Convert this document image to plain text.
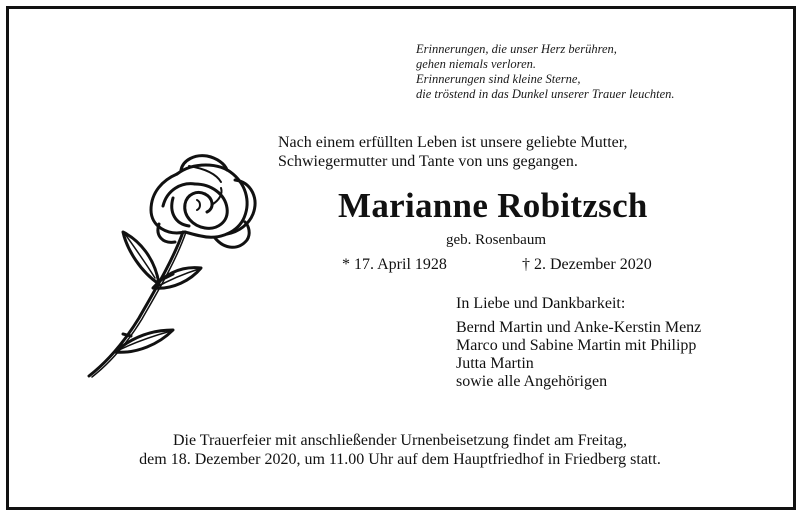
Erinnerungen, die unser Herz berühren,
gehen niemals verloren.
Erinnerungen sind kleine Sterne,
die tröstend in das Dunkel unserer Trauer leuchten.
Nach einem erfüllten Leben ist unsere geliebte Mutter,
Schwiegermutter und Tante von uns gegangen.
Marianne Robitzsch
geb. Rosenbaum
* 17. April 1928	† 2. Dezember 2020
In Liebe und Dankbarkeit:
Bernd Martin und Anke-Kerstin Menz
Marco und Sabine Martin mit Philipp
Jutta Martin
sowie alle Angehörigen
Die Trauerfeier mit anschließender Urnenbeisetzung findet am Freitag,
dem 18. Dezember 2020, um 11.00 Uhr auf dem Hauptfriedhof in Friedberg statt.
